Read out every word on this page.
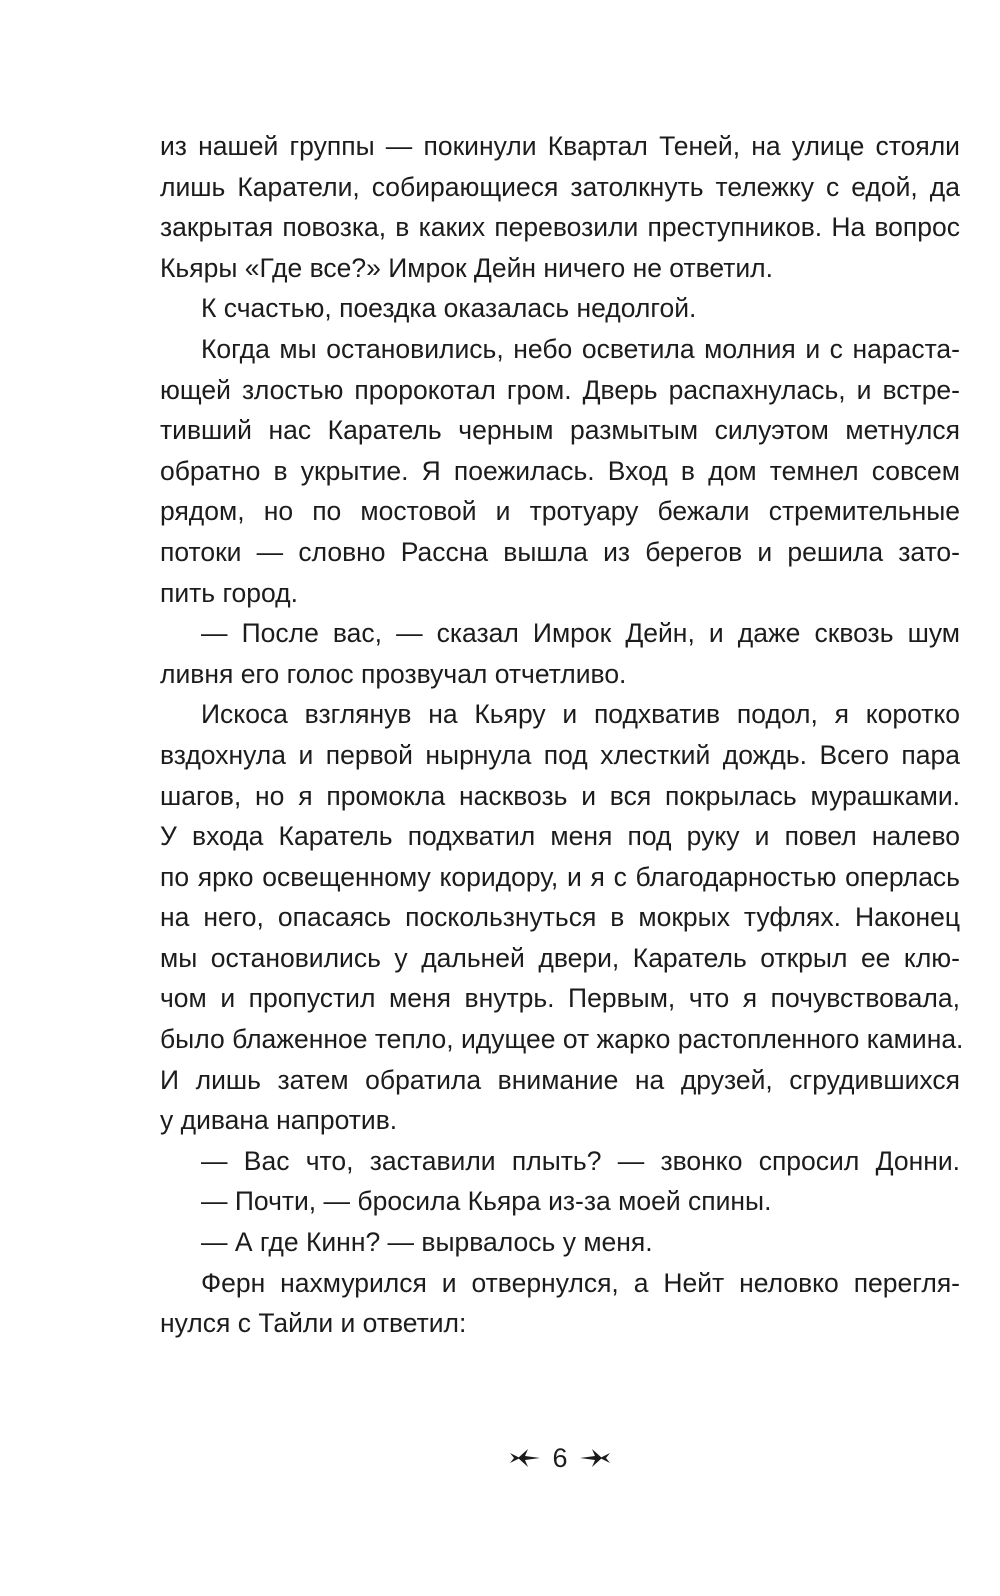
из нашей группы — покинули Квартал Теней, на улице стояли
лишь Каратели, собирающиеся затолкнуть тележку с едой, да
закрытая повозка, в каких перевозили преступников. На вопрос
Кьяры «Где все?» Имрок Дейн ничего не ответил.
К счастью, поездка оказалась недолгой.
Когда мы остановились, небо осветила молния и с нараста-
ющей злостью пророкотал гром. Дверь распахнулась, и встре-
тивший нас Каратель черным размытым силуэтом метнулся
обратно в укрытие. Я поежилась. Вход в дом темнел совсем
рядом, но по мостовой и тротуару бежали стремительные
потоки — словно Рассна вышла из берегов и решила зато-
пить город.
— После вас, — сказал Имрок Дейн, и даже сквозь шум
ливня его голос прозвучал отчетливо.
Искоса взглянув на Кьяру и подхватив подол, я коротко
вздохнула и первой нырнула под хлесткий дождь. Всего пара
шагов, но я промокла насквозь и вся покрылась мурашками.
У входа Каратель подхватил меня под руку и повел налево
по ярко освещенному коридору, и я с благодарностью оперлась
на него, опасаясь поскользнуться в мокрых туфлях. Наконец
мы остановились у дальней двери, Каратель открыл ее клю-
чом и пропустил меня внутрь. Первым, что я почувствовала,
было блаженное тепло, идущее от жарко растопленного камина.
И лишь затем обратила внимание на друзей, сгрудившихся
у дивана напротив.
— Вас что, заставили плыть? — звонко спросил Донни.
— Почти, — бросила Кьяра из-за моей спины.
— А где Кинн? — вырвалось у меня.
Ферн нахмурился и отвернулся, а Нейт неловко перегля-
нулся с Тайли и ответил:
6
